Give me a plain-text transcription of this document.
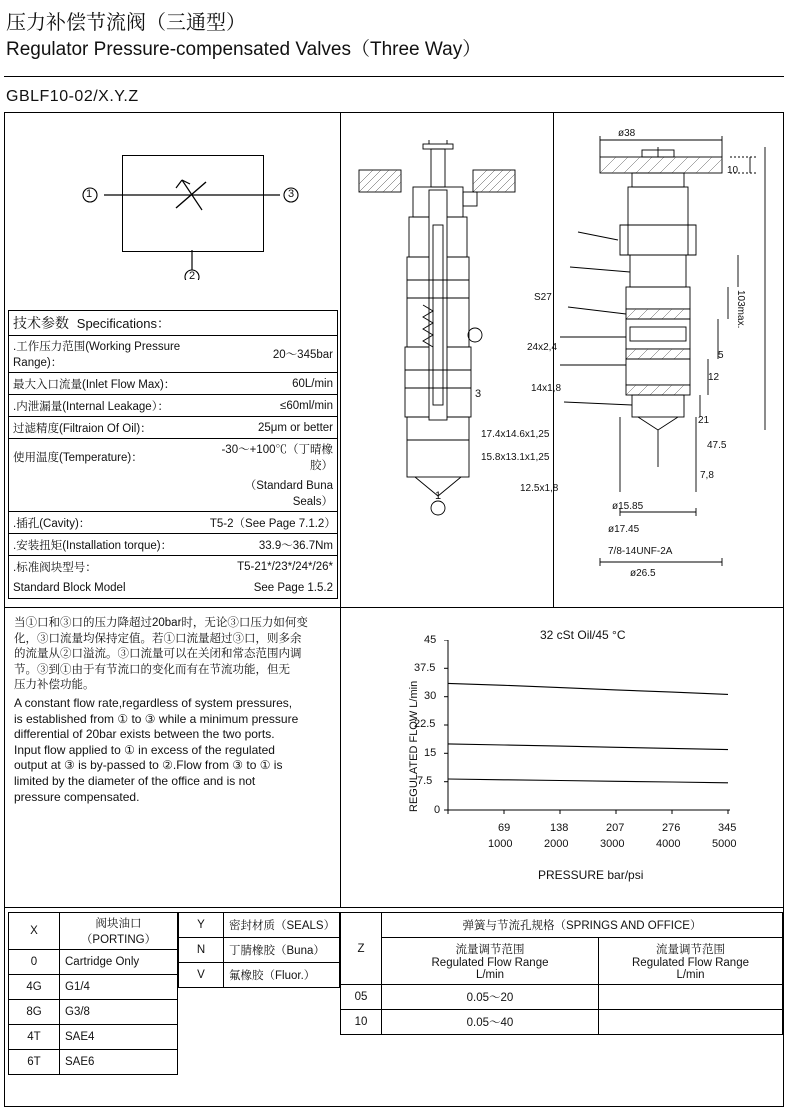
压力补偿节流阀（三通型）
Regulator Pressure-compensated Valves（Three Way）
GBLF10-02/X.Y.Z
1	3
2
技术参数 Specifications：	
.工作压力范围(Working Pressure Range)：	20～345bar
最大入口流量(Inlet Flow Max)：	60L/min
.内泄漏量(Internal Leakage）：	≤60ml/min
过滤精度(Filtraion Of Oil)：	25μm or better
使用温度(Temperature)：	-30～+100℃（丁晴橡胶）
	（Standard Buna Seals）
.插孔(Cavity)：	T5-2（See Page 7.1.2）
.安装扭矩(Installation torque)：	33.9～36.7Nm
.标准阀块型号：	T5-21*/23*/24*/26*
Standard Block Model	See Page 1.5.2
当①口和③口的压力降超过20bar时，无论③口压力如何变
化，③口流量均保持定值。若①口流量超过③口，则多余
的流量从②口溢流。③口流量可以在关闭和常态范围内调
节。③到①由于有节流口的变化而有在节流功能，但无
压力补偿功能。
A constant flow rate,regardless of system pressures,
is established from ① to ③ while a minimum pressure
differential of 20bar exists between the two ports.
Input flow applied to ① in excess of the regulated
output at ③ is by-passed to ②.Flow from ③ to ① is
limited by the diameter of the office and is not
pressure compensated.
3
1
ø38
10
103max.
S27
24x2,4
14x1,8
17.4x14.6x1,25
15.8x13.1x1,25
12.5x1,8
5
12
21
47.5
7,8
ø15.85
ø17.45
7/8-14UNF-2A
ø26.5
32 cSt Oil/45 °C
45
37.5
30
22.5
15
7.5
0
69	138	207	276	345
1000	2000	3000	4000	5000
REGULATED FLOW L/min
PRESSURE bar/psi
X	阀块油口（PORTING）
0	Cartridge Only
4G	G1/4
8G	G3/8
4T	SAE4
6T	SAE6
Y	密封材质（SEALS）
N	丁腈橡胶（Buna）
V	氟橡胶（Fluor.）

Z	弹簧与节流孔规格（SPRINGS AND OFFICE）	

流量调节范围
Regulated Flow Range
L/min

流量调节范围
Regulated Flow Range
L/min

05	0.05～20	
10	0.05～40	
